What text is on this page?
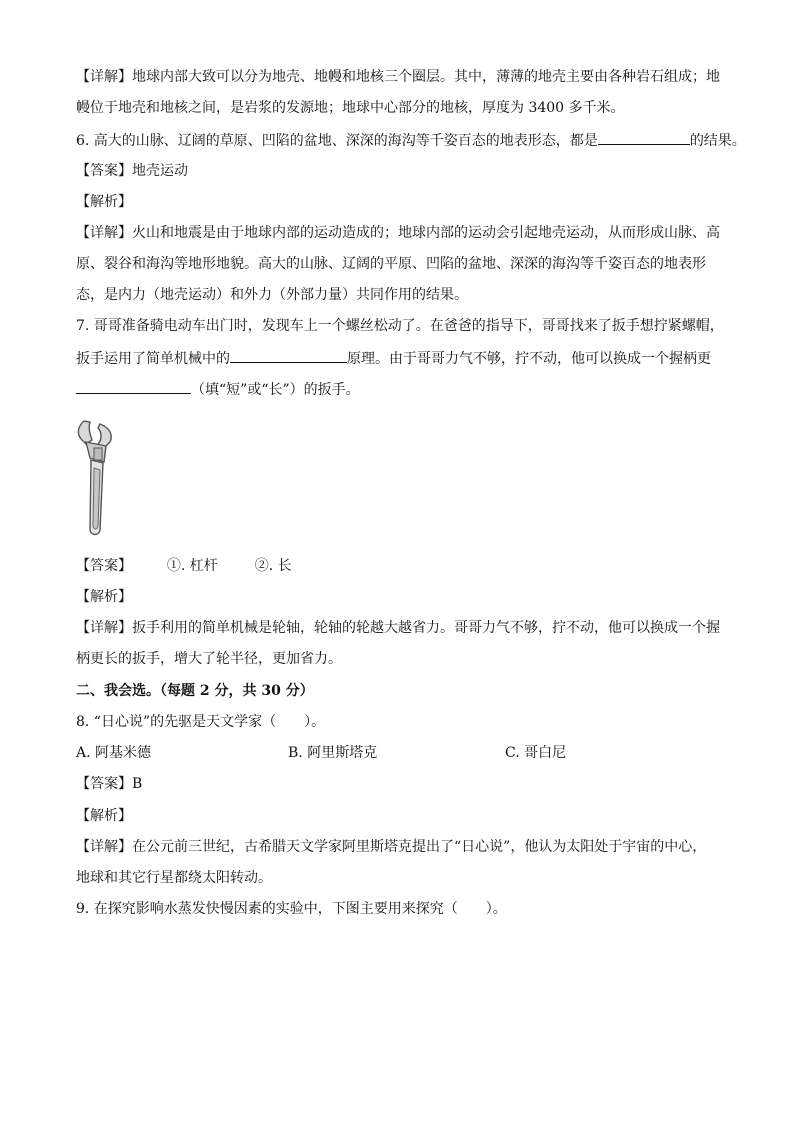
【详解】地球内部大致可以分为地壳、地幔和地核三个圈层。其中，薄薄的地壳主要由各种岩石组成；地
幔位于地壳和地核之间，是岩浆的发源地；地球中心部分的地核，厚度为 3400 多千米。
6. 高大的山脉、辽阔的草原、凹陷的盆地、深深的海沟等千姿百态的地表形态，都是	的结果。
【答案】地壳运动
【解析】
【详解】火山和地震是由于地球内部的运动造成的；地球内部的运动会引起地壳运动，从而形成山脉、高
原、裂谷和海沟等地形地貌。高大的山脉、辽阔的平原、凹陷的盆地、深深的海沟等千姿百态的地表形
态，是内力（地壳运动）和外力（外部力量）共同作用的结果。
7. 哥哥准备骑电动车出门时，发现车上一个螺丝松动了。在爸爸的指导下，哥哥找来了扳手想拧紧螺帽，
扳手运用了简单机械中的	原理。由于哥哥力气不够，拧不动，他可以换成一个握柄更
（填“短”或“长”）的扳手。
【答案】 ①. 杠杆	②. 长
【解析】
【详解】扳手利用的简单机械是轮轴，轮轴的轮越大越省力。哥哥力气不够，拧不动，他可以换成一个握
柄更长的扳手，增大了轮半径，更加省力。
二、我会选。（每题 2 分，共 30 分）
8. “日心说”的先驱是天文学家（　　）。
A. 阿基米德	B. 阿里斯塔克	C. 哥白尼
【答案】B
【解析】
【详解】在公元前三世纪，古希腊天文学家阿里斯塔克提出了“日心说”，他认为太阳处于宇宙的中心，
地球和其它行星都绕太阳转动。
9. 在探究影响水蒸发快慢因素的实验中，下图主要用来探究（　　）。
